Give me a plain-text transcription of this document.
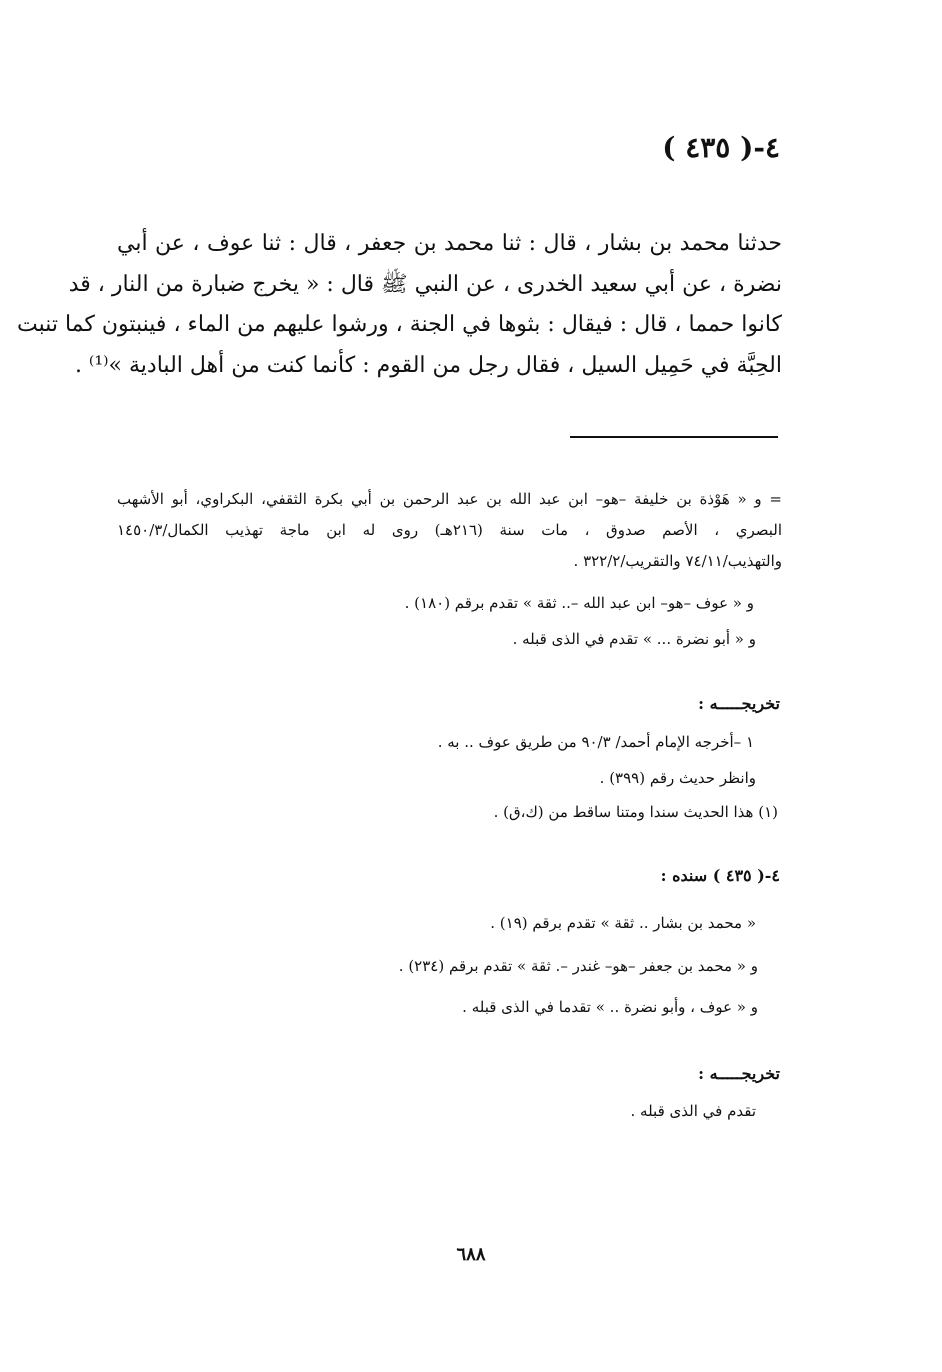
٤-( ٤٣٥ )
حدثنا محمد بن بشار ، قال : ثنا محمد بن جعفر ، قال : ثنا عوف ، عن أبي
نضرة ، عن أبي سعيد الخدرى ، عن النبي ﷺ قال : « يخرج ضبارة من النار ، قد
كانوا حمما ، قال : فيقال : بثوها في الجنة ، ورشوا عليهم من الماء ، فينبتون كما تنبت
الحِبَّة في حَمِيل السيل ، فقال رجل من القوم : كأنما كنت من أهل البادية »⁽¹⁾ .
= و « هَوْذة بن خليفة –هو– ابن عبد الله بن عبد الرحمن بن أبي بكرة الثقفي، البكراوي، أبو الأشهب
البصري ، الأصم صدوق ، مات سنة (٢١٦هـ) روى له ابن ماجة تهذيب الكمال/١٤٥٠/٣
والتهذيب/٧٤/١١ والتقريب/٣٢٢/٢ .
و « عوف –هو– ابن عبد الله –.. ثقة » تقدم برقم (١٨٠) .
و « أبو نضرة ... » تقدم في الذى قبله .
تخريجـــــه :
١ –أخرجه الإمام أحمد/ ٩٠/٣ من طريق عوف .. به .
وانظر حديث رقم (٣٩٩) .
(١) هذا الحديث سندا ومتنا ساقط من (ك،ق) .
٤-( ٤٣٥ ) سنده :
« محمد بن بشار .. ثقة » تقدم برقم (١٩) .
و « محمد بن جعفر –هو– غندر –. ثقة » تقدم برقم (٢٣٤) .
و « عوف ، وأبو نضرة .. » تقدما في الذى قبله .
تخريجـــــه :
تقدم في الذى قبله .
٦٨٨
